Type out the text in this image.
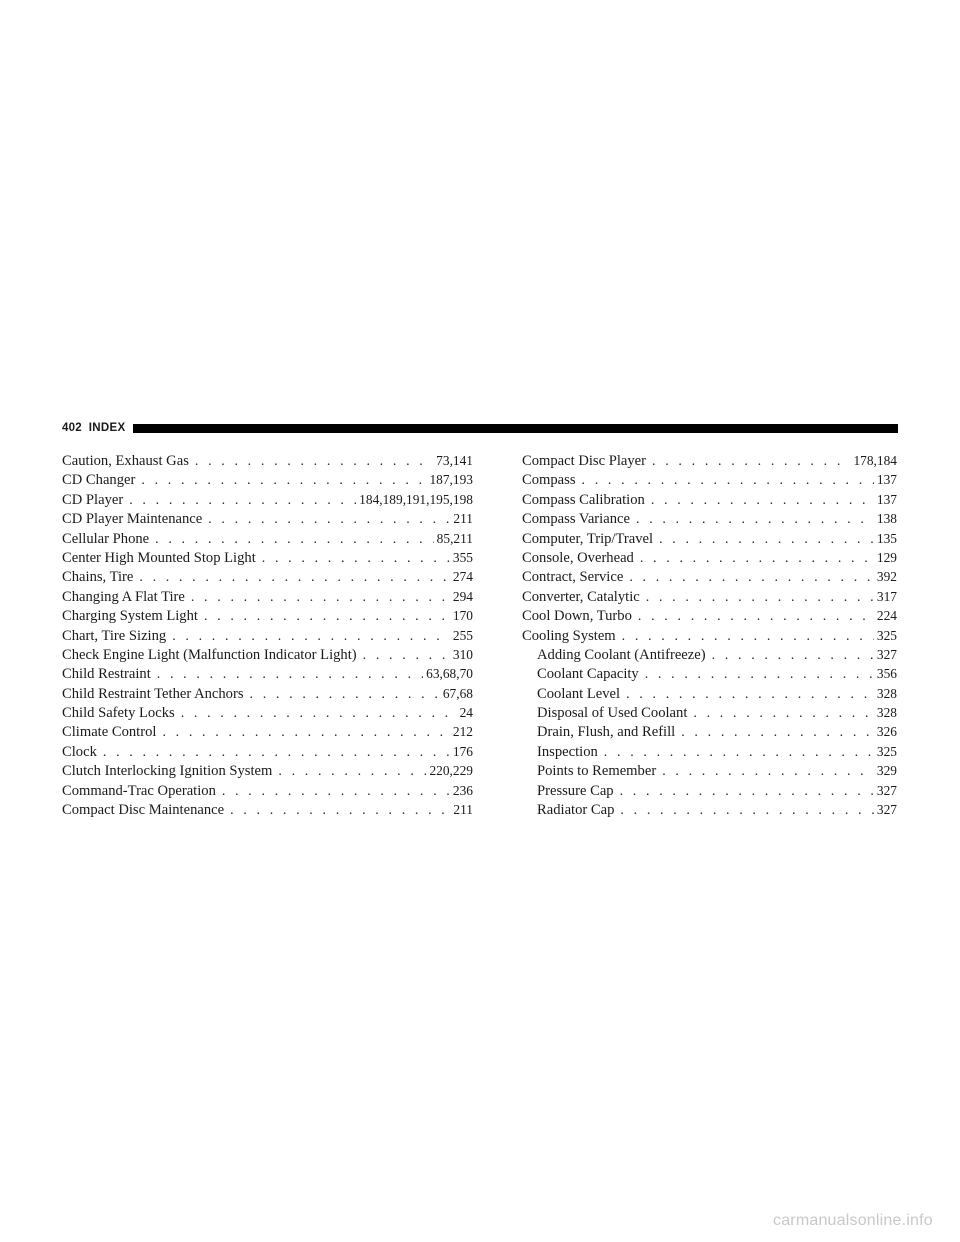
402 INDEX
Caution, Exhaust Gas . . .	73,141
CD Changer . . .	187,193
CD Player . . .	184,189,191,195,198
CD Player Maintenance . . .	211
Cellular Phone . . .	85,211
Center High Mounted Stop Light . . .	355
Chains, Tire . . .	274
Changing A Flat Tire . . .	294
Charging System Light . . .	170
Chart, Tire Sizing . . .	255
Check Engine Light (Malfunction Indicator Light) . . .	310
Child Restraint . . .	63,68,70
Child Restraint Tether Anchors . . .	67,68
Child Safety Locks . . .	24
Climate Control . . .	212
Clock . . .	176
Clutch Interlocking Ignition System . . .	220,229
Command-Trac Operation . . .	236
Compact Disc Maintenance . . .	211
Compact Disc Player . . .	178,184
Compass . . .	137
Compass Calibration . . .	137
Compass Variance . . .	138
Computer, Trip/Travel . . .	135
Console, Overhead . . .	129
Contract, Service . . .	392
Converter, Catalytic . . .	317
Cool Down, Turbo . . .	224
Cooling System . . .	325
Adding Coolant (Antifreeze) . . .	327
Coolant Capacity . . .	356
Coolant Level . . .	328
Disposal of Used Coolant . . .	328
Drain, Flush, and Refill . . .	326
Inspection . . .	325
Points to Remember . . .	329
Pressure Cap . . .	327
Radiator Cap . . .	327
carmanualsonline.info
